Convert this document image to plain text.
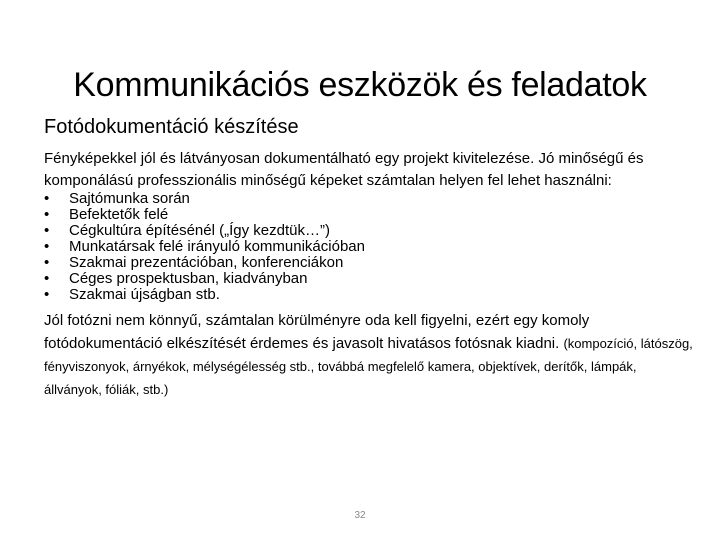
Kommunikációs eszközök és feladatok
Fotódokumentáció készítése

Fényképekkel jól és látványosan dokumentálható egy projekt kivitelezése. Jó minőségű és komponálású professzionális minőségű képeket számtalan helyen fel lehet használni:

•	Sajtómunka során
•	Befektetők felé
•	Cégkultúra építésénél („Így kezdtük…”)
•	Munkatársak felé irányuló kommunikációban
•	Szakmai prezentációban, konferenciákon
•	Céges prospektusban, kiadványban
•	Szakmai újságban stb.

Jól fotózni nem könnyű, számtalan körülményre oda kell figyelni, ezért egy komoly fotódokumentáció elkészítését érdemes és javasolt hivatásos fotósnak kiadni. (kompozíció, látószög, fényviszonyok, árnyékok, mélységélesség stb., továbbá megfelelő kamera, objektívek, derítők, lámpák, állványok, fóliák, stb.)

32
